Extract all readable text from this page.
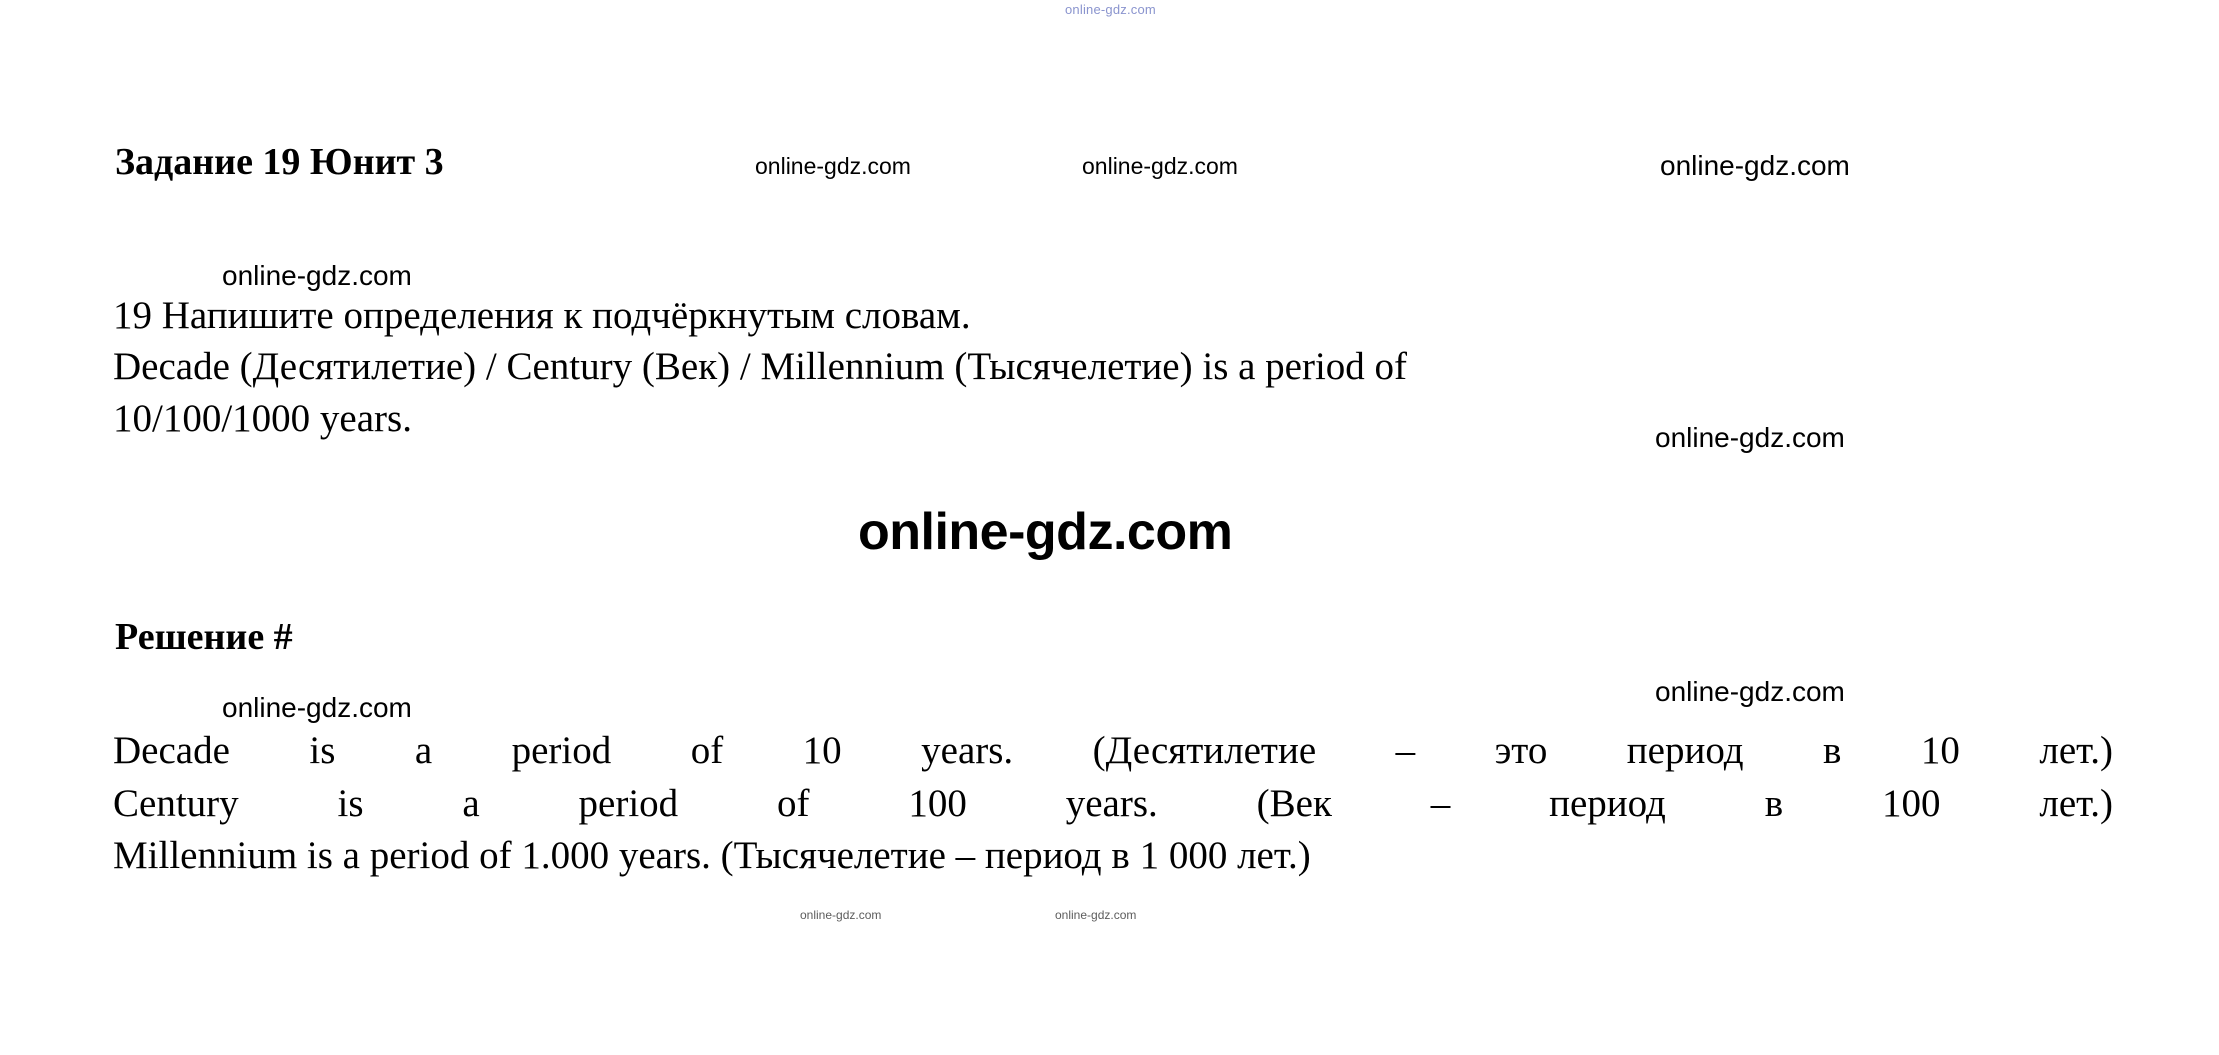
online-gdz.com
online-gdz.com	online-gdz.com	online-gdz.com
online-gdz.com
online-gdz.com
online-gdz.com
online-gdz.com
online-gdz.com
online-gdz.com	online-gdz.com
Задание 19 Юнит 3
19 Напишите определения к подчёркнутым словам.
Decade (Десятилетие) / Century (Век) / Millennium (Тысячелетие) is a period of
10/100/1000 years.
Решение #
Decade is a period of 10 years. (Десятилетие – это период в 10 лет.)
Century is a period of 100 years. (Век – период в 100 лет.)
Millennium is a period of 1.000 years. (Тысячелетие – период в 1 000 лет.)
